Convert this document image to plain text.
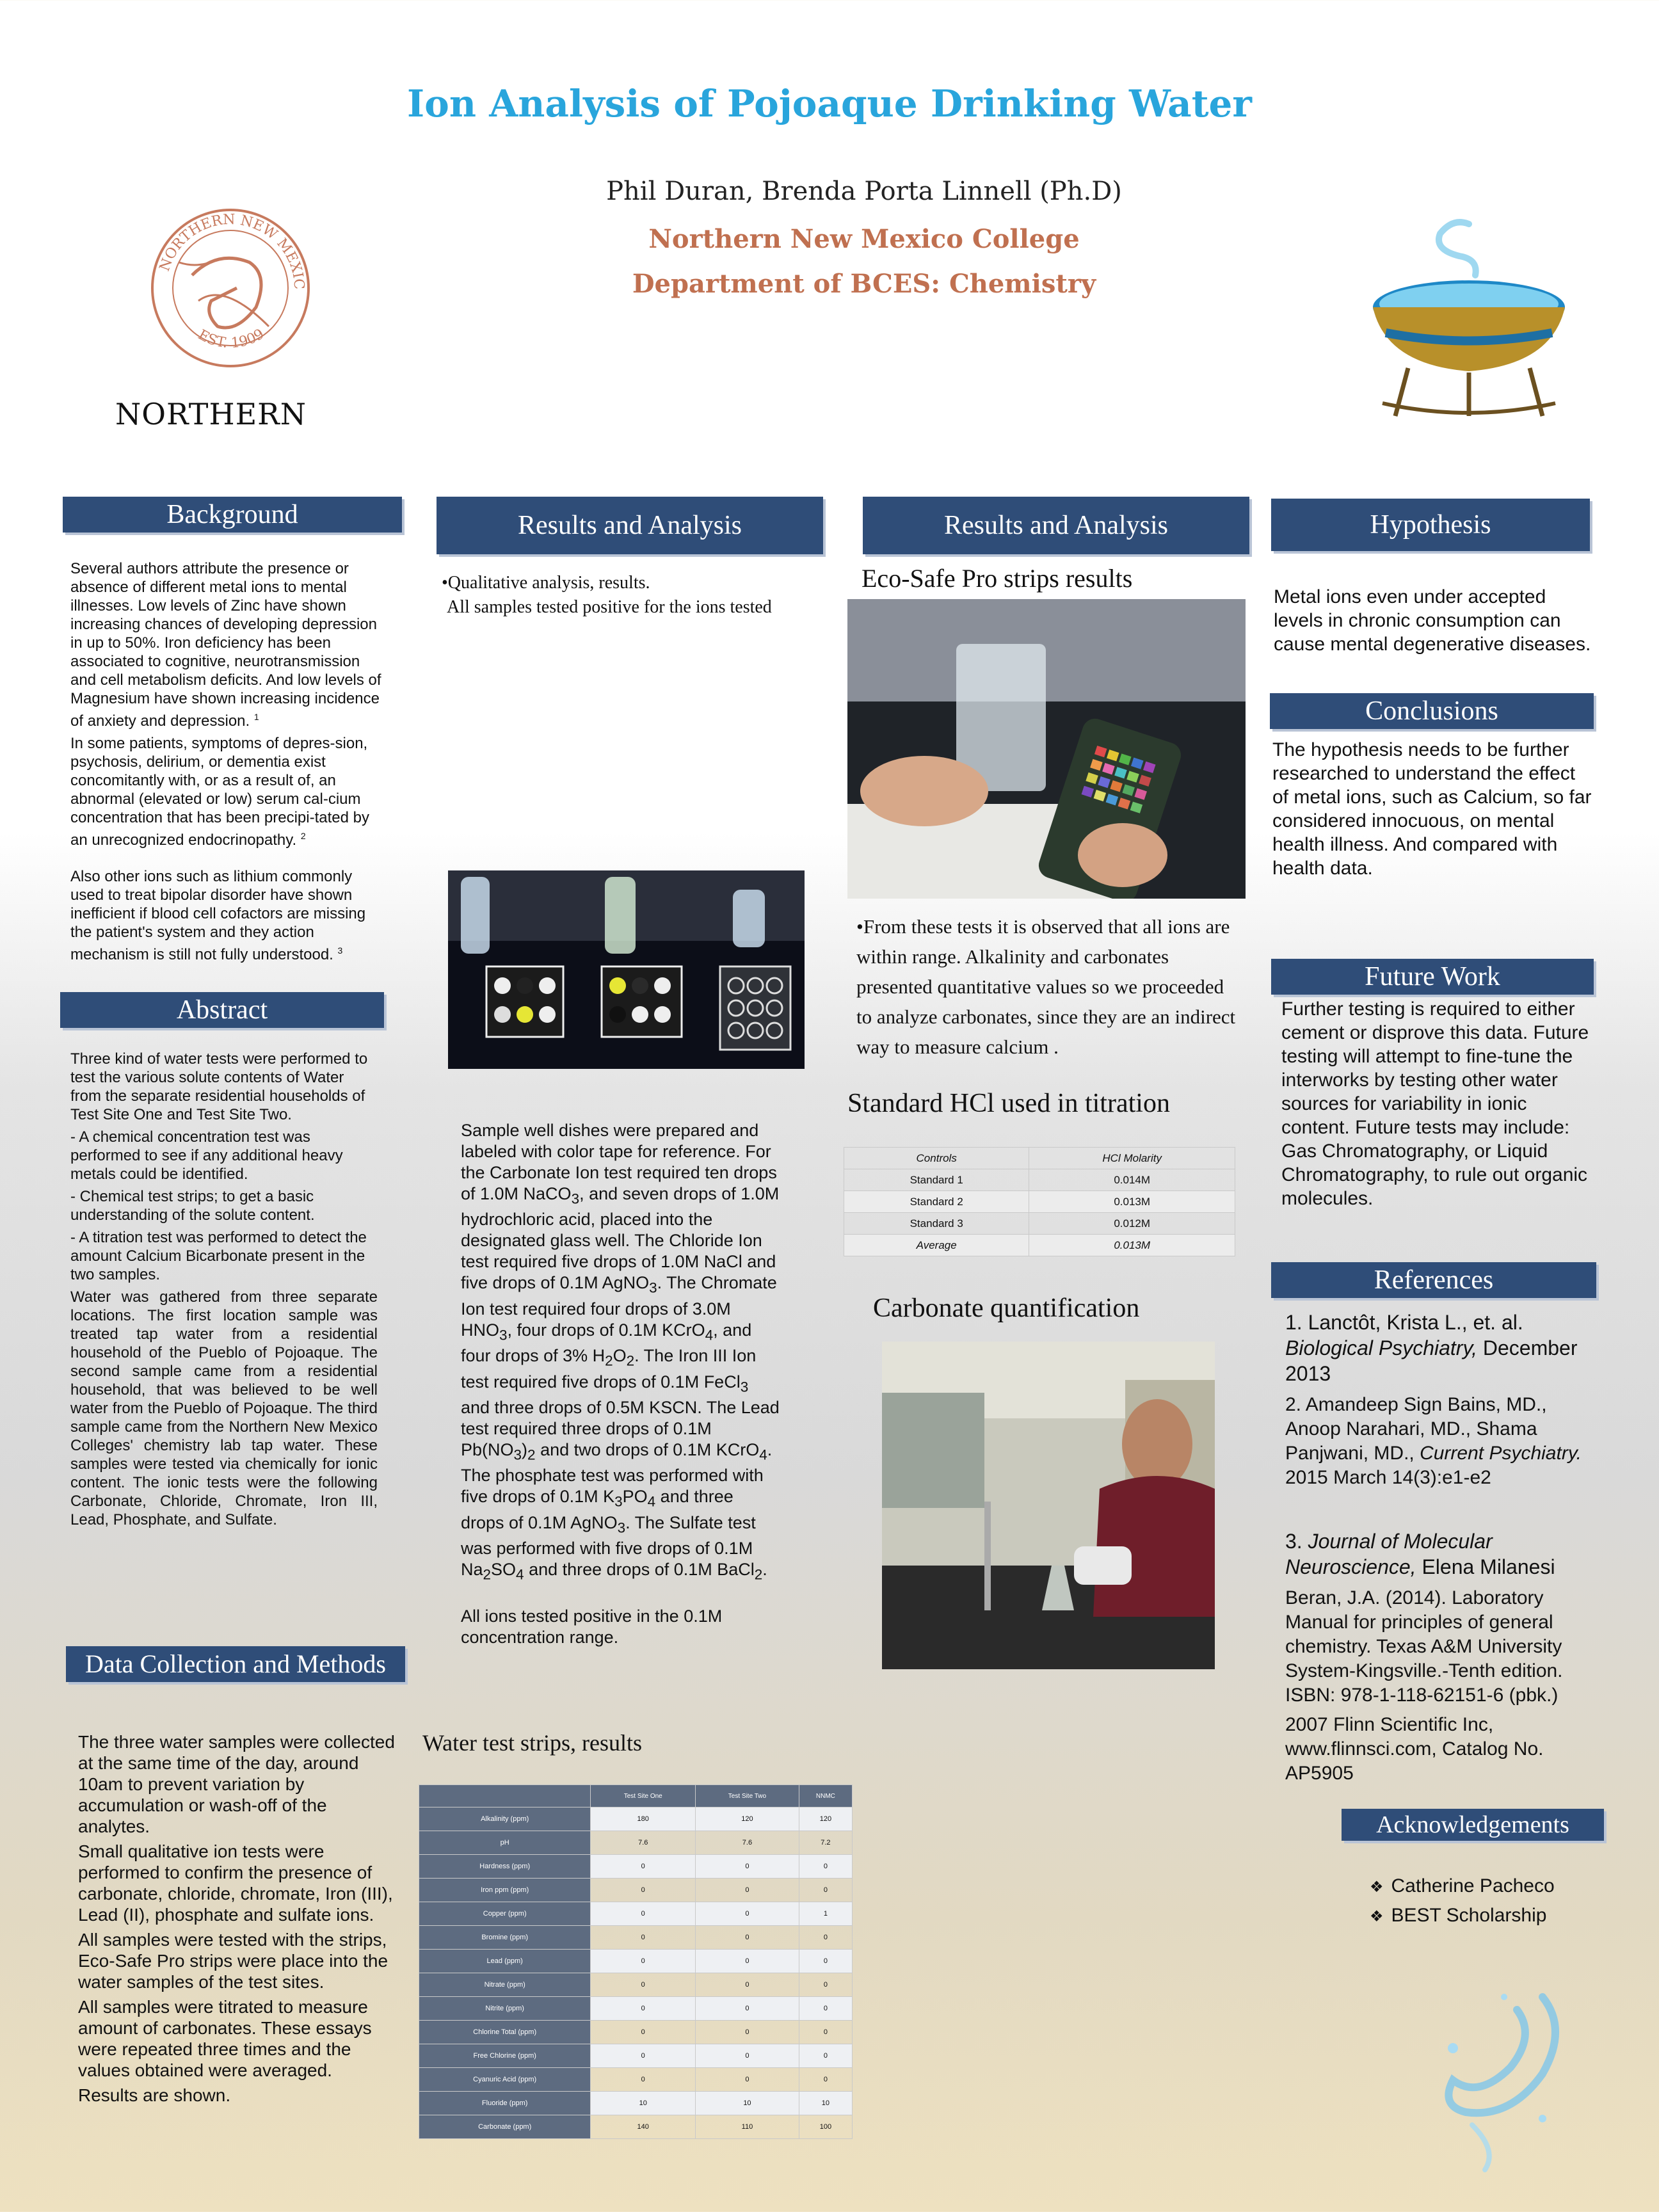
Ion Analysis of Pojoaque Drinking Water
Phil Duran, Brenda Porta Linnell (Ph.D)
Northern New Mexico College
Department of BCES: Chemistry
NORTHERN NEW MEXIC
EST. 1909
NORTHERN
Background

Several authors attribute the presence or absence of different metal ions to mental illnesses. Low levels of Zinc have shown increasing chances of developing depression in up to 50%. Iron deficiency has been associated to cognitive, neurotransmission and cell metabolism deficits. And low levels of Magnesium have shown increasing incidence of anxiety and depression. $^1$

In some patients, symptoms of depres-sion, psychosis, delirium, or dementia exist concomitantly with, or as a result of, an abnormal (elevated or low) serum cal-cium concentration that has been precipi-tated by an unrecognized endocrinopathy. $^2$

Also other ions such as lithium commonly used to treat bipolar disorder have shown inefficient if blood cell cofactors are missing the patient's system and they action mechanism is still not fully understood. $^3$

Abstract

Three kind of water tests were performed to test the various solute contents of Water from the separate residential households of Test Site One and Test Site Two.

- A chemical concentration test was performed to see if any additional heavy metals could be identified.

- Chemical test strips; to get a basic understanding of the solute content.

- A titration test was performed to detect the amount Calcium Bicarbonate present in the two samples.

Water was gathered from three separate locations. The first location sample was treated tap water from a residential household of the Pueblo of Pojoaque. The second sample came from a residential household, that was believed to be well water from the Pueblo of Pojoaque. The third sample came from the Northern New Mexico Colleges' chemistry lab tap water. These samples were tested via chemically for ionic content. The ionic tests were the following Carbonate, Chloride, Chromate, Iron III, Lead, Phosphate, and Sulfate.

Data Collection and Methods

The three water samples were collected at the same time of the day, around 10am to prevent variation by accumulation or wash-off of the analytes.

Small qualitative ion tests were performed to confirm the presence of carbonate, chloride, chromate, Iron (III), Lead (II), phosphate and sulfate ions.

All samples were tested with the strips, Eco-Safe Pro strips were place into the water samples of the test sites.

All samples were titrated to measure amount of carbonates. These essays were repeated three times and the values obtained were averaged.

Results are shown.

Results and Analysis
•Qualitative analysis, results.
All samples tested positive for the ions tested
Sample well dishes were prepared and labeled with color tape for reference. For the Carbonate Ion test required ten drops of 1.0M NaCO$_3$, and seven drops of 1.0M hydrochloric acid, placed into the designated glass well. The Chloride Ion test required five drops of 1.0M NaCl and five drops of 0.1M AgNO$_3$. The Chromate Ion test required four drops of 3.0M $HNO_3$, four drops of 0.1M KCrO$_4$, and four drops of 3% $H_2O_2$. The Iron III Ion test required five drops of 0.1M FeCl$_3$ and three drops of 0.5M KSCN. The Lead test required three drops of 0.1M $Pb(NO_3)_2$ and two drops of 0.1M KCrO$_4$. The phosphate test was performed with five drops of 0.1M $K_3PO_4$ and three drops of 0.1M AgNO$_3$. The Sulfate test was performed with five drops of 0.1M $Na_2SO_4$ and three drops of 0.1M BaCl$_2$.
All ions tested positive in the 0.1M concentration range.
Water test strips, results
	Test Site One	Test Site Two	NNMC
Alkalinity (ppm)	180	120	120
pH	7.6	7.6	7.2
Hardness (ppm)	0	0	0
Iron ppm (ppm)	0	0	0
Copper (ppm)	0	0	1
Bromine (ppm)	0	0	0
Lead (ppm)	0	0	0
Nitrate (ppm)	0	0	0
Nitrite (ppm)	0	0	0
Chlorine Total (ppm)	0	0	0
Free Chlorine (ppm)	0	0	0
Cyanuric Acid (ppm)	0	0	0
Fluoride (ppm)	10	10	10
Carbonate (ppm)	140	110	100
Results and Analysis
Eco-Safe Pro strips results
•From these tests it is observed that all ions are within range. Alkalinity and carbonates presented quantitative values so we proceeded to analyze carbonates, since they are an indirect way to measure calcium .
Standard HCl used in titration
Controls	HCl Molarity
Standard 1	0.014M
Standard 2	0.013M
Standard 3	0.012M
Average	0.013M
Carbonate quantification
Hypothesis
Metal ions even under accepted levels in chronic consumption can cause mental degenerative diseases.
Conclusions
The hypothesis needs to be further researched to understand the effect of metal ions, such as Calcium, so far considered innocuous, on mental health illness. And compared with health data.
Future Work
Further testing is required to either cement or disprove this data. Future testing will attempt to fine-tune the interworks by testing other water sources for variability in ionic content. Future tests may include: Gas Chromatography, or Liquid Chromatography, to rule out organic molecules.
References
1. Lanctôt, Krista L., et. al. Biological Psychiatry, December 2013
2. Amandeep Sign Bains, MD., Anoop Narahari, MD., Shama Panjwani, MD., Current Psychiatry. 2015 March 14(3):e1-e2
3. Journal of Molecular Neuroscience, Elena Milanesi
Beran, J.A. (2014). Laboratory Manual for principles of general chemistry. Texas A&M University System-Kingsville.-Tenth edition. ISBN: 978-1-118-62151-6 (pbk.)
2007 Flinn Scientific Inc, www.flinnsci.com, Catalog No. AP5905
Acknowledgements
❖ Catherine Pacheco
❖ BEST Scholarship
